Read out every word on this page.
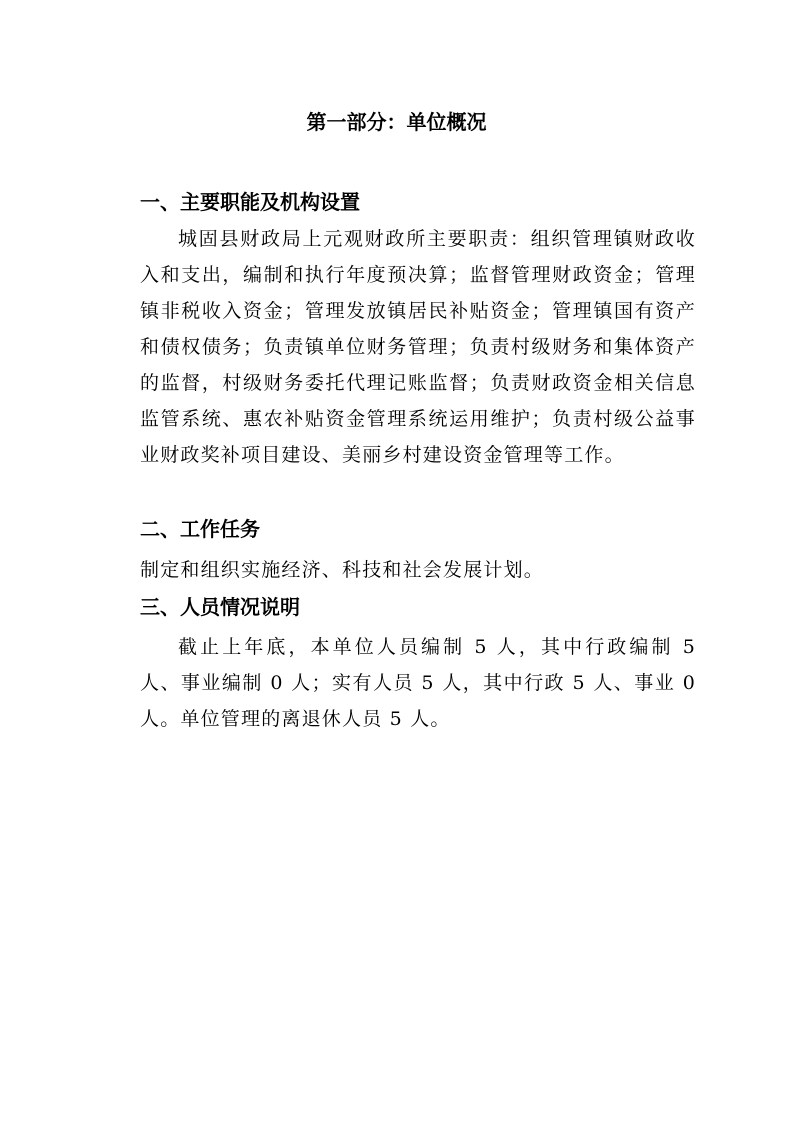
第一部分：单位概况
一、主要职能及机构设置
城固县财政局上元观财政所主要职责：组织管理镇财政收入和支出，编制和执行年度预决算；监督管理财政资金；管理镇非税收入资金；管理发放镇居民补贴资金；管理镇国有资产和债权债务；负责镇单位财务管理；负责村级财务和集体资产的监督，村级财务委托代理记账监督；负责财政资金相关信息监管系统、惠农补贴资金管理系统运用维护；负责村级公益事业财政奖补项目建设、美丽乡村建设资金管理等工作。
二、工作任务
制定和组织实施经济、科技和社会发展计划。
三、人员情况说明
截止上年底，本单位人员编制 5 人，其中行政编制 5 人、事业编制 0 人；实有人员 5 人，其中行政 5 人、事业 0 人。单位管理的离退休人员 5 人。
